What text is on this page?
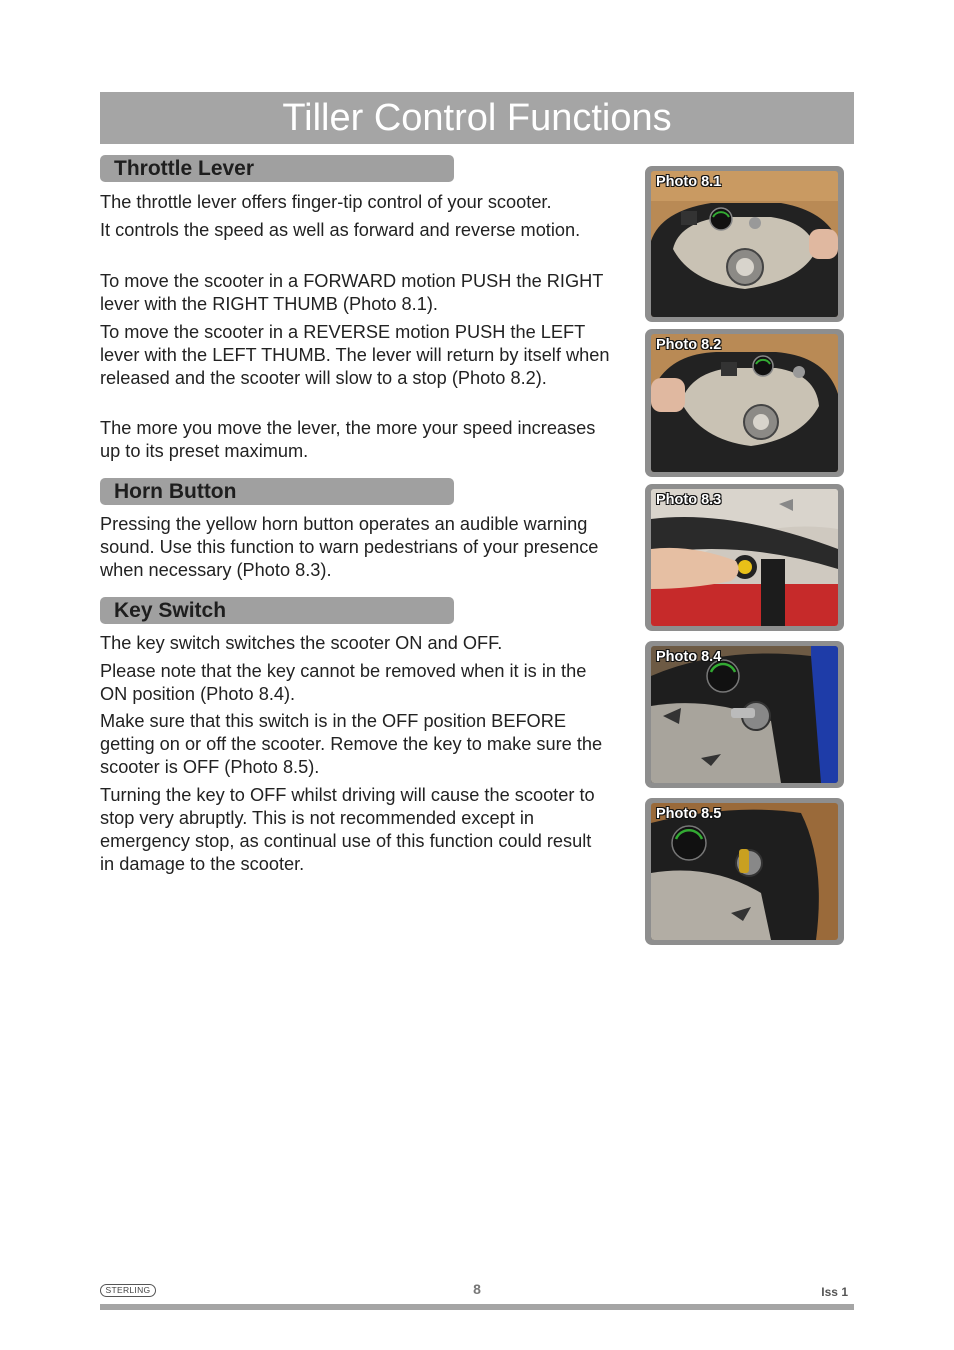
Tiller Control Functions
Throttle Lever

The throttle lever offers finger-tip control of your scooter.

It controls the speed as well as forward and reverse motion.

To move the scooter in a FORWARD motion PUSH the RIGHT lever with the RIGHT THUMB (Photo 8.1).

To move the scooter in a REVERSE motion PUSH the LEFT lever with the LEFT THUMB. The lever will return by itself when released and the scooter will slow to a stop (Photo 8.2).

The more you move the lever, the more your speed increases up to its preset maximum.

Horn Button

Pressing the yellow horn button operates an audible warning sound. Use this function to warn pedestrians of your presence when necessary (Photo 8.3).

Key Switch

The key switch switches the scooter ON and OFF.

Please note that the key cannot be removed when it is in the ON position (Photo 8.4).

Make sure that this switch is in the OFF position BEFORE getting on or off the scooter. Remove the key to make sure the scooter is OFF (Photo 8.5).

Turning the key to OFF whilst driving will cause the scooter to stop very abruptly. This is not recommended except in emergency stop, as continual use of this function could result in damage to the scooter.

Photo 8.1
Photo 8.2
Photo 8.3
Photo 8.4
Photo 8.5
STERLING	8	Iss 1
